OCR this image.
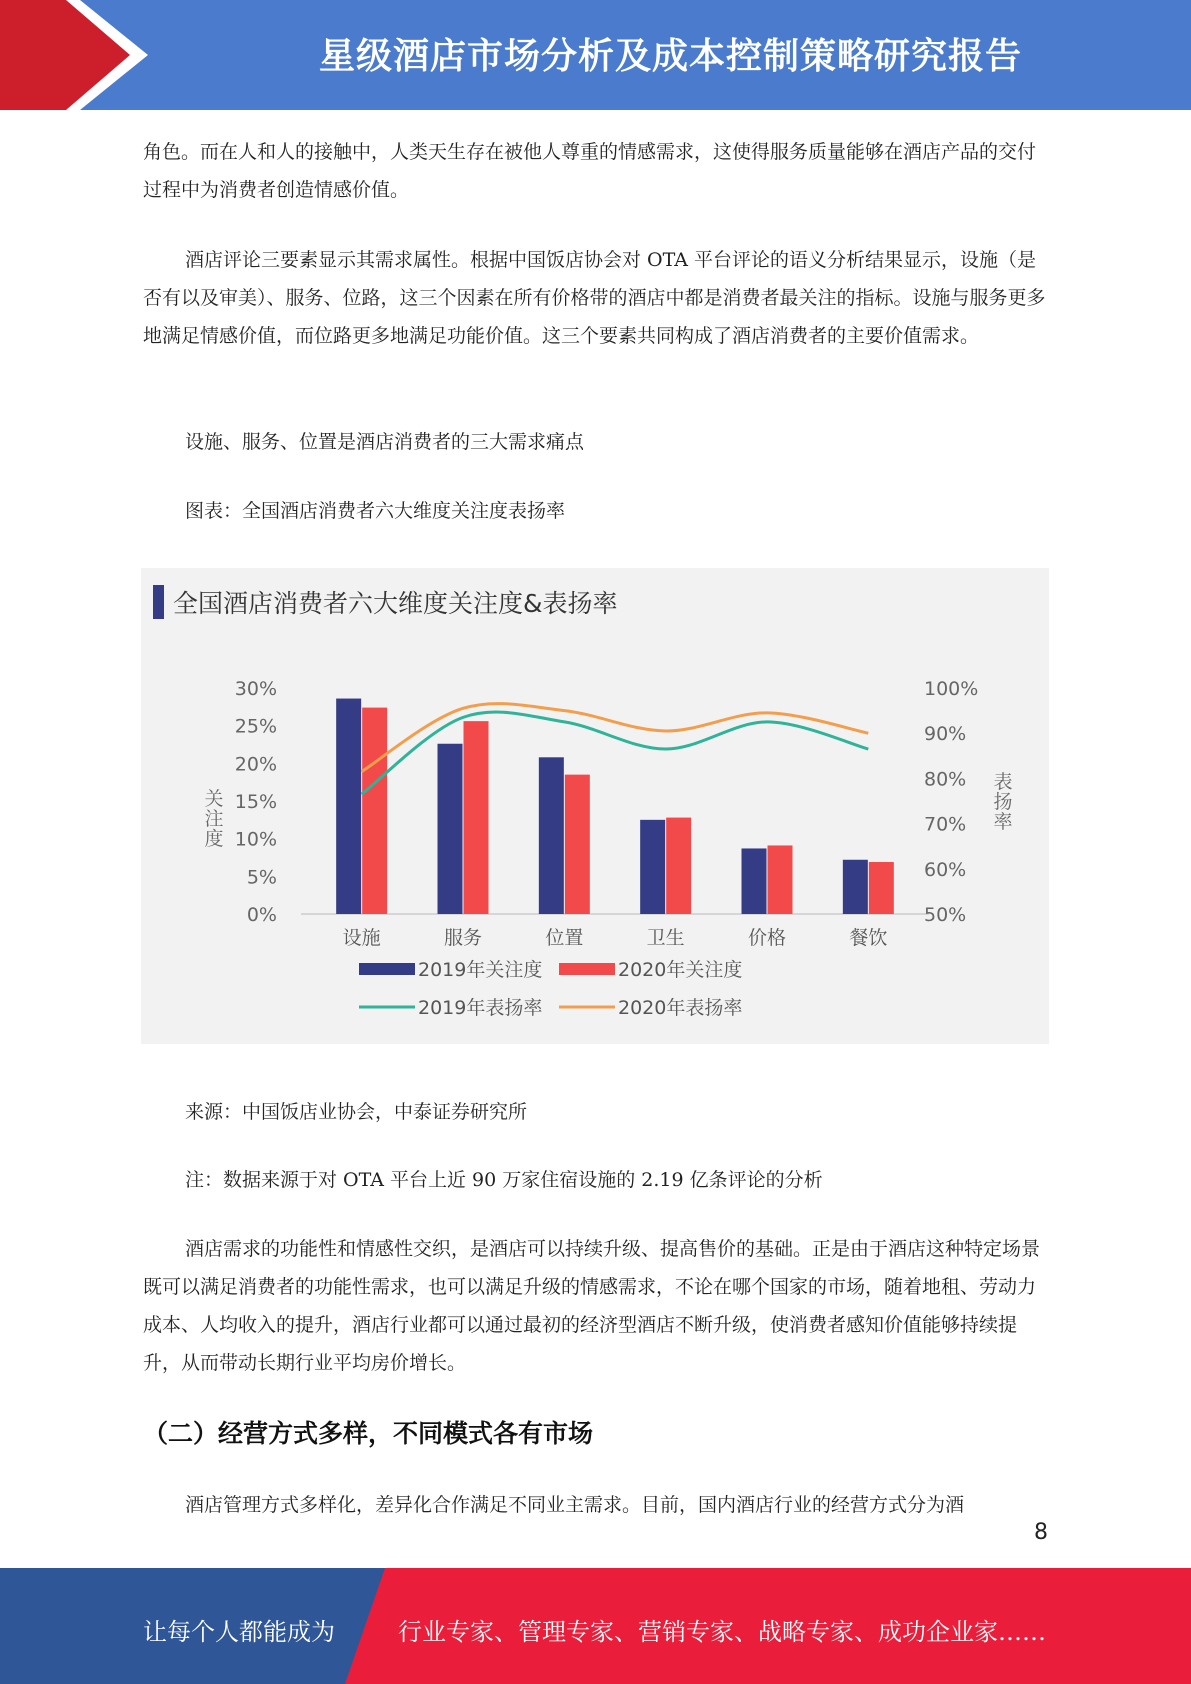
星级酒店市场分析及成本控制策略研究报告

角色。而在人和人的接触中，人类天生存在被他人尊重的情感需求，这使得服务质量能够在酒店产品的交付过程中为消费者创造情感价值。

酒店评论三要素显示其需求属性。根据中国饭店协会对 OTA 平台评论的语义分析结果显示，设施（是否有以及审美）、服务、位路，这三个因素在所有价格带的酒店中都是消费者最关注的指标。设施与服务更多地满足情感价值，而位路更多地满足功能价值。这三个要素共同构成了酒店消费者的主要价值需求。

设施、服务、位置是酒店消费者的三大需求痛点

图表：全国酒店消费者六大维度关注度表扬率

全国酒店消费者六大维度关注度&表扬率
0%
5%
10%
15%
20%
25%
30%
50%
60%
70%
80%
90%
100%
关
注
度
表
扬
率
设施	服务	位置	卫生	价格	餐饮
2019年关注度	2020年关注度
2019年表扬率	2020年表扬率

来源：中国饭店业协会，中泰证券研究所

注：数据来源于对 OTA 平台上近 90 万家住宿设施的 2.19 亿条评论的分析

酒店需求的功能性和情感性交织，是酒店可以持续升级、提高售价的基础。正是由于酒店这种特定场景既可以满足消费者的功能性需求，也可以满足升级的情感需求，不论在哪个国家的市场，随着地租、劳动力成本、人均收入的提升，酒店行业都可以通过最初的经济型酒店不断升级，使消费者感知价值能够持续提升，从而带动长期行业平均房价增长。

（二）经营方式多样，不同模式各有市场

酒店管理方式多样化，差异化合作满足不同业主需求。目前，国内酒店行业的经营方式分为酒

8
让每个人都能成为	行业专家、管理专家、营销专家、战略专家、成功企业家……
